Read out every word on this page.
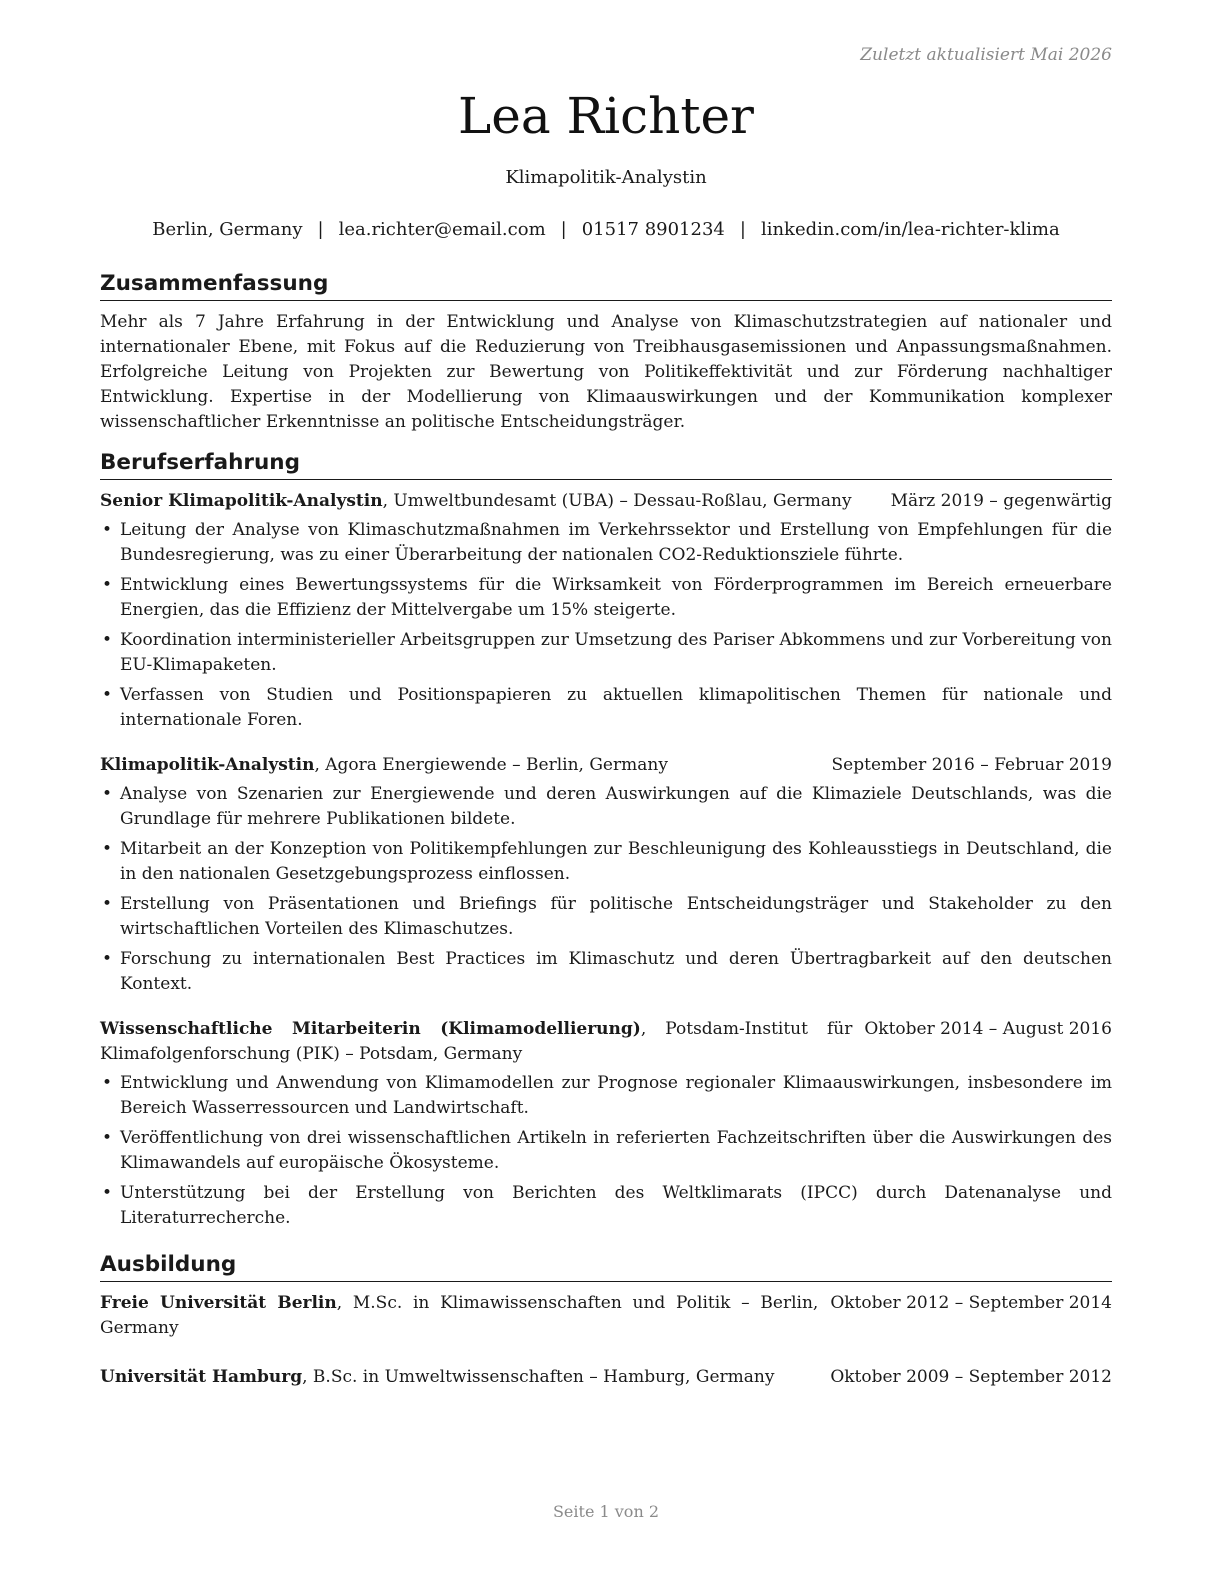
Zuletzt aktualisiert Mai 2026
Lea Richter
Klimapolitik-Analystin
Berlin, Germany | lea.richter@email.com | 01517 8901234 | linkedin.com/in/lea-richter-klima
Zusammenfassung
Mehr als 7 Jahre Erfahrung in der Entwicklung und Analyse von Klimaschutzstrategien auf nationaler und internationaler Ebene, mit Fokus auf die Reduzierung von Treibhausgasemissionen und Anpassungsmaßnahmen. Erfolgreiche Leitung von Projekten zur Bewertung von Politikeffektivität und zur Förderung nachhaltiger Entwicklung. Expertise in der Modellierung von Klimaauswirkungen und der Kommunikation komplexer wissenschaftlicher Erkenntnisse an politische Entscheidungsträger.
Berufserfahrung
Senior Klimapolitik-Analystin, Umweltbundesamt (UBA) – Dessau-Roßlau, Germany	März 2019 – gegenwärtig
• Leitung der Analyse von Klimaschutzmaßnahmen im Verkehrssektor und Erstellung von Empfehlungen für die Bundesregierung, was zu einer Überarbeitung der nationalen CO2-Reduktionsziele führte.
• Entwicklung eines Bewertungssystems für die Wirksamkeit von Förderprogrammen im Bereich erneuerbare Energien, das die Effizienz der Mittelvergabe um 15% steigerte.
• Koordination interministerieller Arbeitsgruppen zur Umsetzung des Pariser Abkommens und zur Vorbereitung von EU-Klimapaketen.
• Verfassen von Studien und Positionspapieren zu aktuellen klimapolitischen Themen für nationale und internationale Foren.
Klimapolitik-Analystin, Agora Energiewende – Berlin, Germany	September 2016 – Februar 2019
• Analyse von Szenarien zur Energiewende und deren Auswirkungen auf die Klimaziele Deutschlands, was die Grundlage für mehrere Publikationen bildete.
• Mitarbeit an der Konzeption von Politikempfehlungen zur Beschleunigung des Kohleausstiegs in Deutschland, die in den nationalen Gesetzgebungsprozess einflossen.
• Erstellung von Präsentationen und Briefings für politische Entscheidungsträger und Stakeholder zu den wirtschaftlichen Vorteilen des Klimaschutzes.
• Forschung zu internationalen Best Practices im Klimaschutz und deren Übertragbarkeit auf den deutschen Kontext.
Wissenschaftliche Mitarbeiterin (Klimamodellierung), Potsdam-Institut für Klimafolgenforschung (PIK) – Potsdam, Germany
Oktober 2014 – August 2016
• Entwicklung und Anwendung von Klimamodellen zur Prognose regionaler Klimaauswirkungen, insbesondere im Bereich Wasserressourcen und Landwirtschaft.
• Veröffentlichung von drei wissenschaftlichen Artikeln in referierten Fachzeitschriften über die Auswirkungen des Klimawandels auf europäische Ökosysteme.
• Unterstützung bei der Erstellung von Berichten des Weltklimarats (IPCC) durch Datenanalyse und Literaturrecherche.
Ausbildung
Freie Universität Berlin, M.Sc. in Klimawissenschaften und Politik – Berlin, Germany
Oktober 2012 – September 2014
Universität Hamburg, B.Sc. in Umweltwissenschaften – Hamburg, Germany	Oktober 2009 – September 2012
Seite 1 von 2
